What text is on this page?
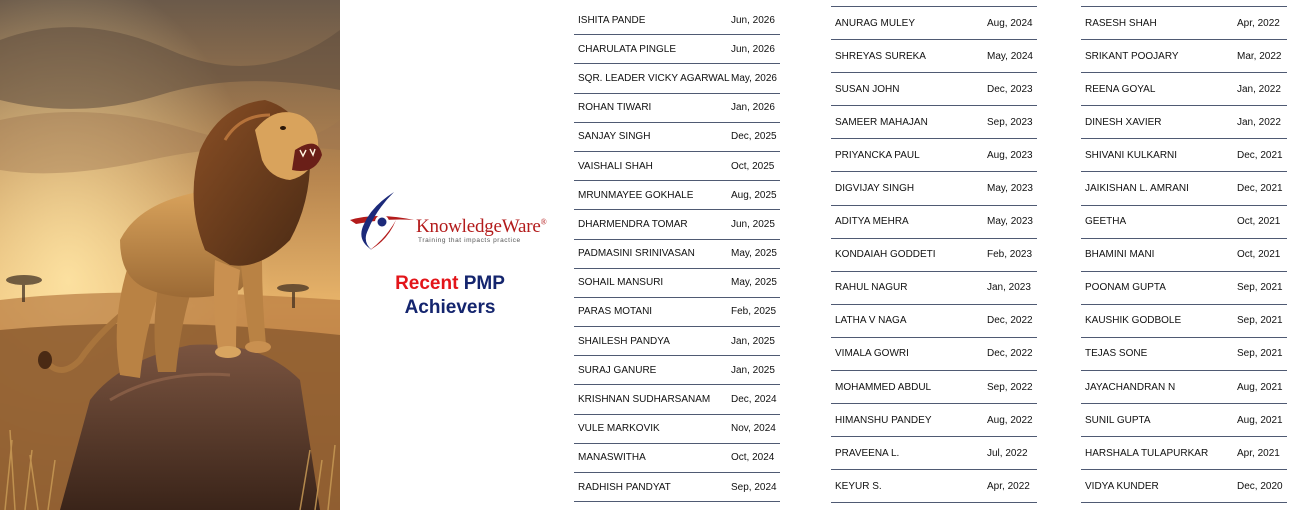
KnowledgeWare®
Training that impacts practice
Recent PMP
Achievers
ISHITA PANDE	Jun, 2026
CHARULATA PINGLE	Jun, 2026
SQR. LEADER VICKY AGARWAL May, 2026
ROHAN TIWARI	Jan, 2026
SANJAY SINGH	Dec, 2025
VAISHALI SHAH	Oct, 2025
MRUNMAYEE GOKHALE	Aug, 2025
DHARMENDRA TOMAR	Jun, 2025
PADMASINI SRINIVASAN	May, 2025
SOHAIL MANSURI	May, 2025
PARAS MOTANI	Feb, 2025
SHAILESH PANDYA	Jan, 2025
SURAJ GANURE	Jan, 2025
KRISHNAN SUDHARSANAM Dec, 2024
VULE MARKOVIK	Nov, 2024
MANASWITHA	Oct, 2024
RADHISH PANDYAT	Sep, 2024
ANURAG MULEY	Aug, 2024
SHREYAS SUREKA	May, 2024
SUSAN JOHN	Dec, 2023
SAMEER MAHAJAN	Sep, 2023
PRIYANCKA PAUL	Aug, 2023
DIGVIJAY SINGH	May, 2023
ADITYA MEHRA	May, 2023
KONDAIAH GODDETI	Feb, 2023
RAHUL NAGUR	Jan, 2023
LATHA V NAGA	Dec, 2022
VIMALA GOWRI	Dec, 2022
MOHAMMED ABDUL	Sep, 2022
HIMANSHU PANDEY	Aug, 2022
PRAVEENA L.	Jul, 2022
KEYUR S.	Apr, 2022
RASESH SHAH	Apr, 2022
SRIKANT POOJARY	Mar, 2022
REENA GOYAL	Jan, 2022
DINESH XAVIER	Jan, 2022
SHIVANI KULKARNI	Dec, 2021
JAIKISHAN L. AMRANI	Dec, 2021
GEETHA	Oct, 2021
BHAMINI MANI	Oct, 2021
POONAM GUPTA	Sep, 2021
KAUSHIK GODBOLE	Sep, 2021
TEJAS SONE	Sep, 2021
JAYACHANDRAN N	Aug, 2021
SUNIL GUPTA	Aug, 2021
HARSHALA TULAPURKAR	Apr, 2021
VIDYA KUNDER	Dec, 2020
